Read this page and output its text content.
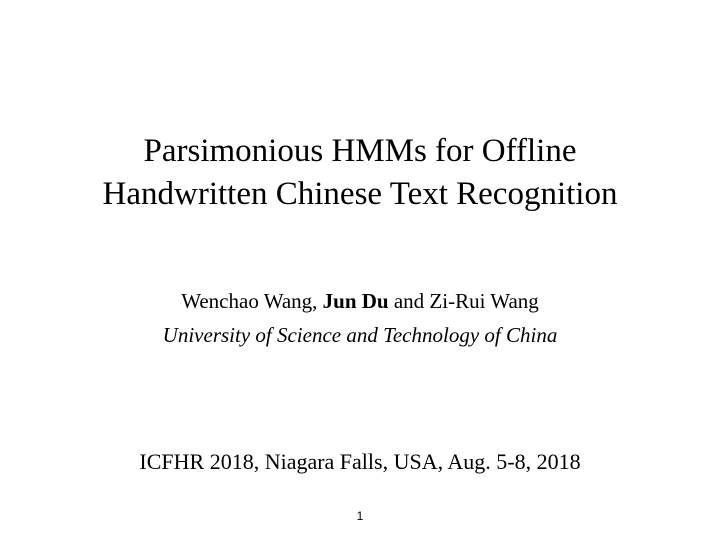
Parsimonious HMMs for Offline
Handwritten Chinese Text Recognition
Wenchao Wang, Jun Du and Zi-Rui Wang
University of Science and Technology of China
ICFHR 2018, Niagara Falls, USA, Aug. 5-8, 2018
1
